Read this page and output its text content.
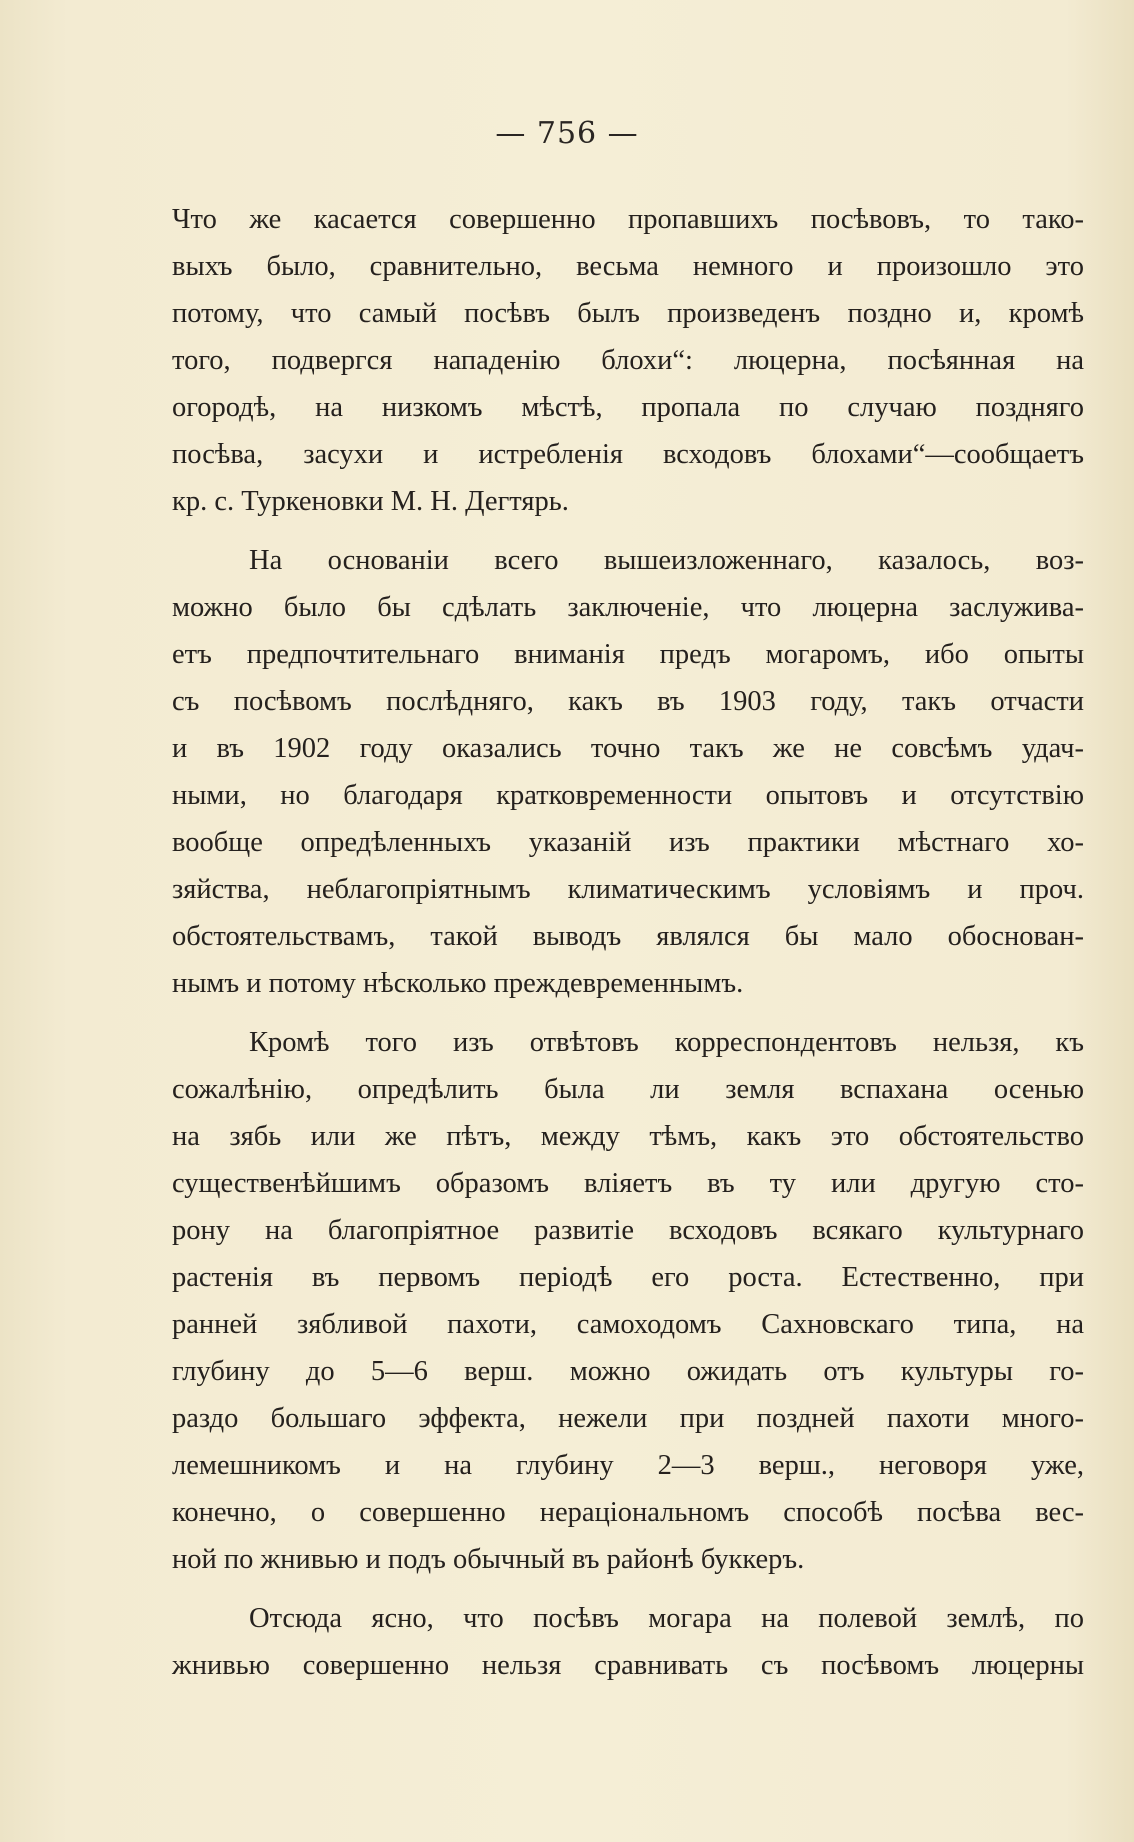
— 756 —
Что же касается совершенно пропавшихъ посѣвовъ, то тако-
выхъ было, сравнительно, весьма немного и произошло это
потому, что самый посѣвъ былъ произведенъ поздно и, кромѣ
того, подвергся нападенію блохи“: люцерна, посѣянная на
огородѣ, на низкомъ мѣстѣ, пропала по случаю поздняго
посѣва, засухи и истребленія всходовъ блохами“—сообщаетъ
кр. с. Туркеновки М. Н. Дегтярь.
На основаніи всего вышеизложеннаго, казалось, воз-
можно было бы сдѣлать заключеніе, что люцерна заслужива-
етъ предпочтительнаго вниманія предъ могаромъ, ибо опыты
съ посѣвомъ послѣдняго, какъ въ 1903 году, такъ отчасти
и въ 1902 году оказались точно такъ же не совсѣмъ удач-
ными, но благодаря кратковременности опытовъ и отсутствію
вообще опредѣленныхъ указаній изъ практики мѣстнаго хо-
зяйства, неблагопріятнымъ климатическимъ условіямъ и проч.
обстоятельствамъ, такой выводъ являлся бы мало обоснован-
нымъ и потому нѣсколько преждевременнымъ.
Кромѣ того изъ отвѣтовъ корреспондентовъ нельзя, къ
сожалѣнію, опредѣлить была ли земля вспахана осенью
на зябь или же пѣтъ, между тѣмъ, какъ это обстоятельство
существенѣйшимъ образомъ вліяетъ въ ту или другую сто-
рону на благопріятное развитіе всходовъ всякаго культурнаго
растенія въ первомъ періодѣ его роста. Естественно, при
ранней зябливой пахоти, самоходомъ Сахновскаго типа, на
глубину до 5—6 верш. можно ожидать отъ культуры го-
раздо большаго эффекта, нежели при поздней пахоти много-
лемешникомъ и на глубину 2—3 верш., неговоря уже,
конечно, о совершенно нераціональномъ способѣ посѣва вес-
ной по жнивью и подъ обычный въ районѣ буккеръ.
Отсюда ясно, что посѣвъ могара на полевой землѣ, по
жнивью совершенно нельзя сравнивать съ посѣвомъ люцерны
